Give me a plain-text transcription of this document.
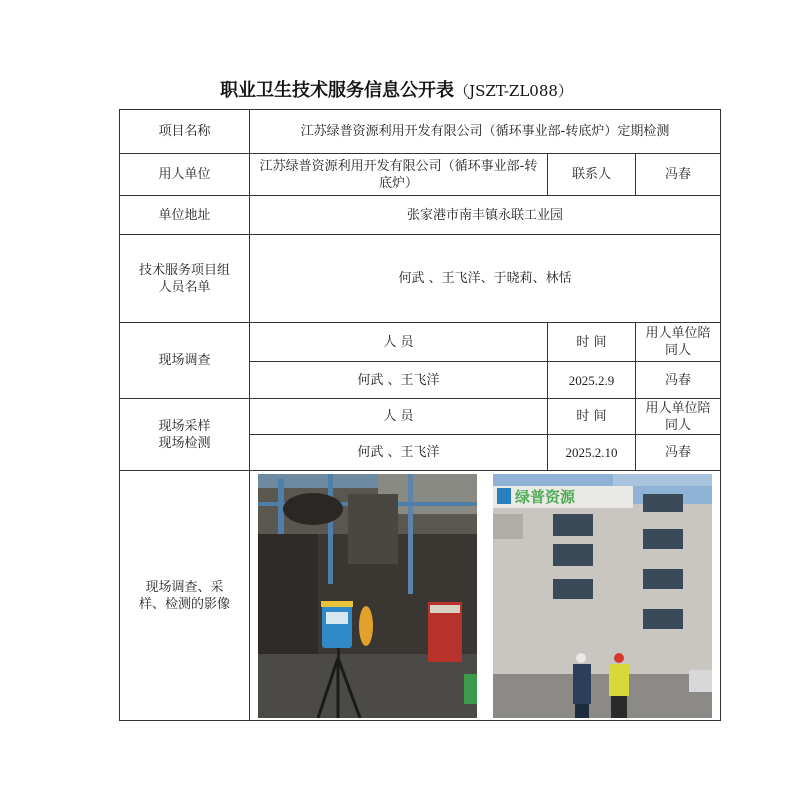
职业卫生技术服务信息公开表（JSZT-ZL088）
项目名称	江苏绿普资源利用开发有限公司（循环事业部-转底炉）定期检测		
用人单位	江苏绿普资源利用开发有限公司（循环事业部-转底炉）	联系人	冯春
单位地址	张家港市南丰镇永联工业园		

技术服务项目组人员名单	何武 、王飞洋、于晓莉、林恬		
现场调查	人 员	时 间	用人单位陪同人
	何武 、王飞洋	2025.2.9	冯春

现场采样现场检测	人 员	时 间	用人单位陪同人
	何武 、王飞洋	2025.2.10	冯春

现场调查、采样、检测的影像	绿普资源		
